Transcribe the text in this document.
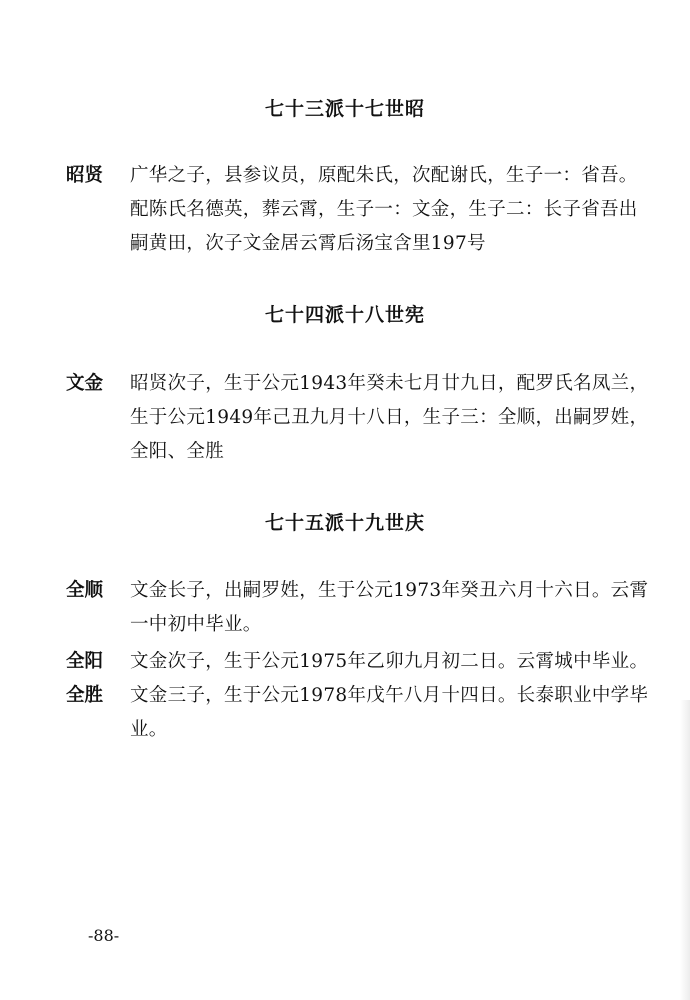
七十三派十七世昭
昭贤 广华之子，县参议员，原配朱氏，次配谢氏，生子一：省吾。
配陈氏名德英，葬云霄，生子一：文金，生子二：长子省吾出
嗣黄田，次子文金居云霄后汤宝含里197号
七十四派十八世宪
文金 昭贤次子，生于公元1943年癸未七月廿九日，配罗氏名凤兰，
生于公元1949年己丑九月十八日，生子三：全顺，出嗣罗姓，
全阳、全胜
七十五派十九世庆
全顺 文金长子，出嗣罗姓，生于公元1973年癸丑六月十六日。云霄
一中初中毕业。
全阳 文金次子，生于公元1975年乙卯九月初二日。云霄城中毕业。
全胜 文金三子，生于公元1978年戊午八月十四日。长泰职业中学毕
业。
-88-
